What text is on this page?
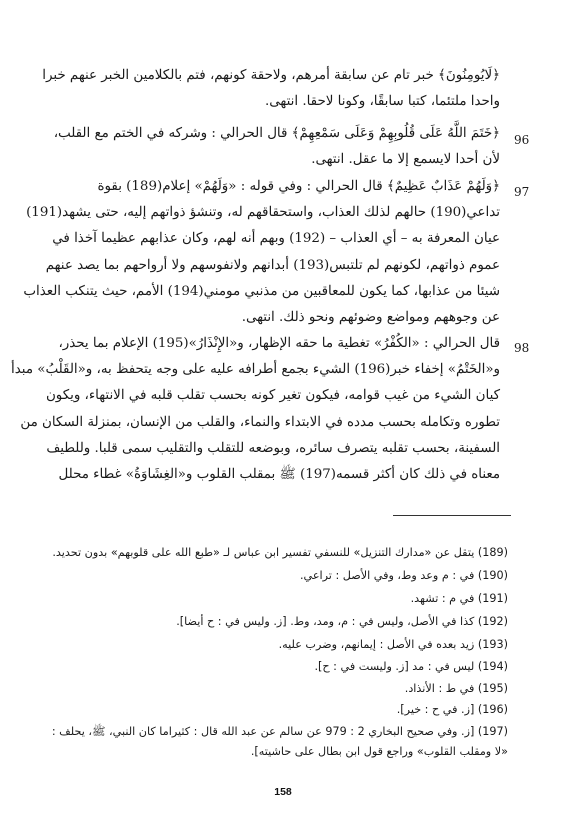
﴿لَايُومِنُونَ﴾ خبر تام عن سابقة أمرهم، ولاحقة كونهم، فتم بالكلامين الخبر عنهم خبرا
واحدا ملتئما، كتبا سابقًا، وكونا لاحقا. انتهى.
96
﴿خَتَمَ اللَّهُ عَلَى قُلُوبِهِمْ وَعَلَى سَمْعِهِمْ﴾ قال الحرالي : وشركه في الختم مع القلب،
لأن أحدا لايسمع إلا ما عقل. انتهى.
97
﴿وَلَهُمْ عَذَابٌ عَظِيمٌ﴾ قال الحرالي : وفي قوله : «وَلَهُمْ» إعلام(189) بقوة
تداعي(190) حالهم لذلك العذاب، واستحقاقهم له، وتنشؤ ذواتهم إليه، حتى يشهد(191)
عيان المعرفة به – أي العذاب – (192) وبهم أنه لهم، وكان عذابهم عظيما آخذا في
عموم ذواتهم، لكونهم لم تلتبس(193) أبدانهم ولانفوسهم ولا أرواحهم بما يصد عنهم
شيئا من عذابها، كما يكون للمعاقبين من مذنبي مومني(194) الأمم، حيث يتنكب العذاب
عن وجوههم ومواضع وضوئهم ونحو ذلك. انتهى.
98
قال الحرالي : «الكُفْرُ» تغطية ما حقه الإظهار، و«الإِنْذَارُ»(195) الإعلام بما يحذر،
و«الخَتْمُ» إخفاء خبر(196) الشيء بجمع أطرافه عليه على وجه يتحفظ به، و«القَلْبُ» مبدأ
كيان الشيء من غيب قوامه، فيكون تغير كونه بحسب تقلب قلبه في الانتهاء، ويكون
تطوره وتكامله بحسب مدده في الابتداء والنماء، والقلب من الإنسان، بمنزلة السكان من
السفينة، بحسب تقلبه يتصرف سائره، وبوضعه للتقلب والتقليب سمى قلبا. وللطيف
معناه في ذلك كان أكثر قسمه(197) ﷺ بمقلب القلوب و«الغِشَاوَةُ» غطاء محلل
(189) يتقل عن «مدارك التنزيل» للنسفي تفسير ابن عباس لـ «طبع الله على قلوبهم» بدون تحديد.
(190) في : م وعد وط، وفي الأصل : تراعي.
(191) في م : تشهد.
(192) كذا في الأصل، وليس في : م، ومد، وط. [ز. وليس في : ح أيضا].
(193) زيد بعده في الأصل : إيمانهم، وضرب عليه.
(194) ليس في : مد [ز. وليست في : ح].
(195) في ط : الأنذاد.
(196) [ز. في ح : خير].
(197) [ز. وفي صحيح البخاري 2 : 979 عن سالم عن عبد الله قال : كثيراما كان النبي، ﷺ، يحلف :
«لا ومقلب القلوب» وراجع قول ابن بطال على حاشيته].
158
